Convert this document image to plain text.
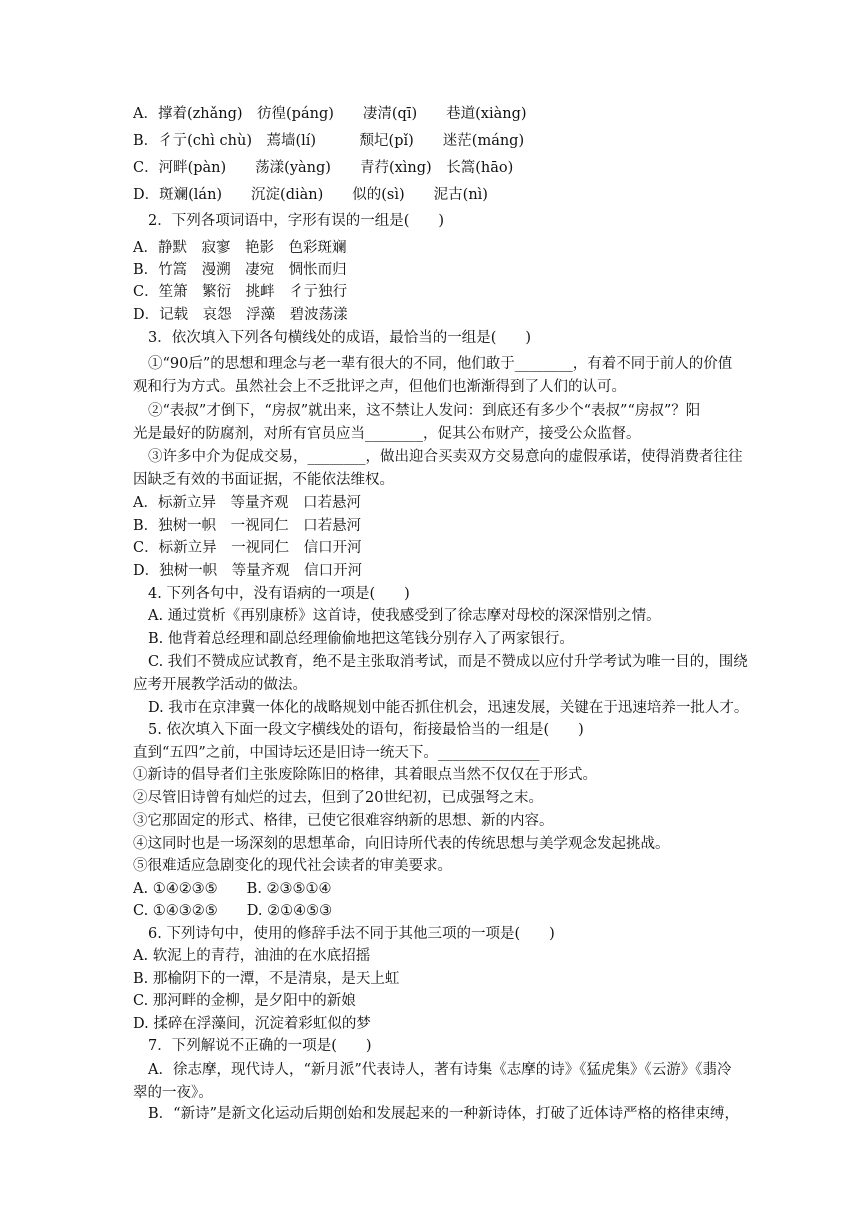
A．撑着(zhǎng)　彷徨(páng)　　凄清(qī)　　巷道(xiàng)
B．彳亍(chì chù)　蔫墙(lí)　　　颓圮(pǐ)　　迷茫(máng)
C．河畔(pàn)　　荡漾(yàng)　　青荇(xìng)　长篙(hāo)
D．斑斓(lán)　　沉淀(diàn)　　似的(sì)　　泥古(nì)
2．下列各项词语中，字形有误的一组是(　　)
A．静默　寂寥　艳影　色彩斑斓
B．竹篙　漫溯　凄宛　惆怅而归
C．笙箫　繁衍　挑衅　彳亍独行
D．记载　哀怨　浮藻　碧波荡漾
3．依次填入下列各句横线处的成语，最恰当的一组是(　　)
①“90后”的思想和理念与老一辈有很大的不同，他们敢于________，有着不同于前人的价值
观和行为方式。虽然社会上不乏批评之声，但他们也渐渐得到了人们的认可。
②“表叔”才倒下，“房叔”就出来，这不禁让人发问：到底还有多少个“表叔”“房叔”？阳
光是最好的防腐剂，对所有官员应当________，促其公布财产，接受公众监督。
③许多中介为促成交易，________，做出迎合买卖双方交易意向的虚假承诺，使得消费者往往
因缺乏有效的书面证据，不能依法维权。
A．标新立异　等量齐观　口若悬河
B．独树一帜　一视同仁　口若悬河
C．标新立异　一视同仁　信口开河
D．独树一帜　等量齐观　信口开河
4. 下列各句中，没有语病的一项是(　　)
A. 通过赏析《再别康桥》这首诗，使我感受到了徐志摩对母校的深深惜别之情。
B. 他背着总经理和副总经理偷偷地把这笔钱分别存入了两家银行。
C. 我们不赞成应试教育，绝不是主张取消考试，而是不赞成以应付升学考试为唯一目的，围绕
应考开展教学活动的做法。
D. 我市在京津冀一体化的战略规划中能否抓住机会，迅速发展，关键在于迅速培养一批人才。
5. 依次填入下面一段文字横线处的语句，衔接最恰当的一组是(　　)
直到“五四”之前，中国诗坛还是旧诗一统天下。______________
①新诗的倡导者们主张废除陈旧的格律，其着眼点当然不仅仅在于形式。
②尽管旧诗曾有灿烂的过去，但到了20世纪初，已成强弩之末。
③它那固定的形式、格律，已使它很难容纳新的思想、新的内容。
④这同时也是一场深刻的思想革命，向旧诗所代表的传统思想与美学观念发起挑战。
⑤很难适应急剧变化的现代社会读者的审美要求。
A. ①④②③⑤　　B. ②③⑤①④
C. ①④③②⑤　　D. ②①④⑤③
6. 下列诗句中，使用的修辞手法不同于其他三项的一项是(　　)
A. 软泥上的青荇，油油的在水底招摇
B. 那榆阴下的一潭，不是清泉，是天上虹
C. 那河畔的金柳，是夕阳中的新娘
D. 揉碎在浮藻间，沉淀着彩虹似的梦
7．下列解说不正确的一项是(　　)
A．徐志摩，现代诗人，“新月派”代表诗人，著有诗集《志摩的诗》《猛虎集》《云游》《翡冷
翠的一夜》。
B．“新诗”是新文化运动后期创始和发展起来的一种新诗体，打破了近体诗严格的格律束缚，
